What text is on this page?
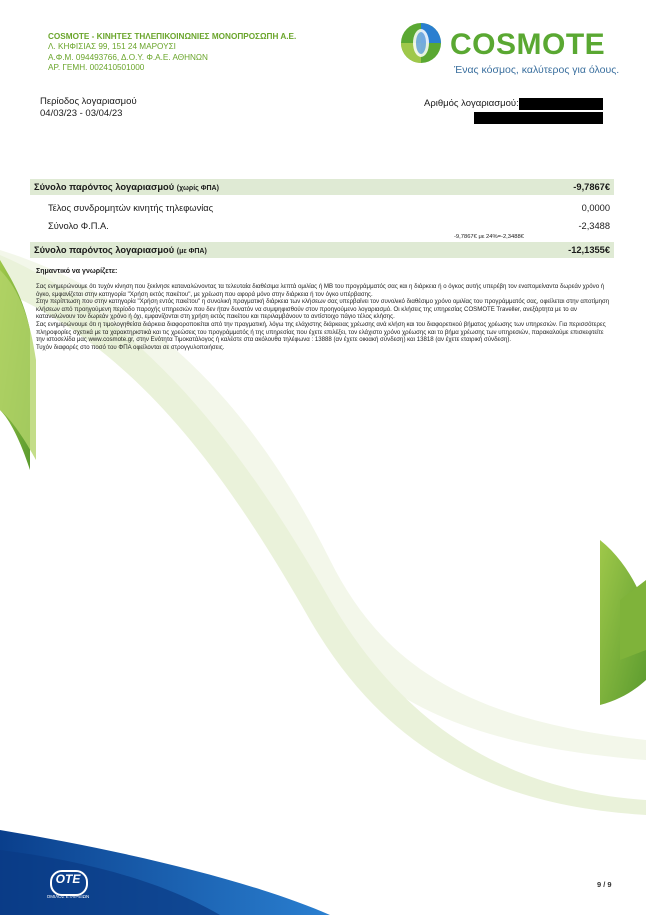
COSMOTE - ΚΙΝΗΤΕΣ ΤΗΛΕΠΙΚΟΙΝΩΝΙΕΣ ΜΟΝΟΠΡΟΣΩΠΗ Α.Ε.
Λ. ΚΗΦΙΣΙΑΣ 99, 151 24 ΜΑΡΟΥΣΙ
Α.Φ.Μ. 094493766, Δ.Ο.Υ. Φ.Α.Ε. ΑΘΗΝΩΝ
ΑΡ. ΓΕΜΗ. 002410501000
COSMOTE
Ένας κόσμος, καλύτερος για όλους.
Περίοδος λογαριασμού
04/03/23 - 03/04/23
Αριθμός λογαριασμού:
Σύνολο παρόντος λογαριασμού (χωρίς ΦΠΑ)	-9,7867€
Τέλος συνδρομητών κινητής τηλεφωνίας	0,0000
Σύνολο Φ.Π.Α.	-2,3488
-9,7867€ με 24%=-2,3488€
Σύνολο παρόντος λογαριασμού (με ΦΠΑ)	-12,1355€
Σημαντικό να γνωρίζετε:

Σας ενημερώνουμε ότι τυχόν κίνηση που ξεκίνησε καταναλώνοντας τα τελευταία διαθέσιμα λεπτά ομιλίας ή ΜΒ του προγράμματός σας και η διάρκεια ή ο όγκος αυτής υπερέβη τον εναπομείναντα δωρεάν χρόνο ή όγκο, εμφανίζεται στην κατηγορία "Χρήση εκτός πακέτου", με χρέωση που αφορά μόνο στην διάρκεια ή τον όγκο υπέρβασης.

Στην περίπτωση που στην κατηγορία "Χρήση εντός πακέτου" η συνολική πραγματική διάρκεια των κλήσεων σας υπερβαίνει τον συνολικό διαθέσιμο χρόνο ομιλίας του προγράμματός σας, οφείλεται στην αποτίμηση κλήσεων από προηγούμενη περίοδο παροχής υπηρεσιών που δεν ήταν δυνατόν να συμψηφισθούν στον προηγούμενο λογαριασμό. Οι κλήσεις της υπηρεσίας COSMOTE Traveller, ανεξάρτητα με το αν καταναλώνουν τον δωρεάν χρόνο ή όχι, εμφανίζονται στη χρήση εκτός πακέτου και περιλαμβάνουν το αντίστοιχο πάγιο τέλος κλήσης.

Σας ενημερώνουμε ότι η τιμολογηθείσα διάρκεια διαφοροποιείται από την πραγματική, λόγω της ελάχιστης διάρκειας χρέωσης ανά κλήση και του διαφορετικού βήματος χρέωσης των υπηρεσιών. Για περισσότερες πληροφορίες σχετικά με τα χαρακτηριστικά και τις χρεώσεις του προγράμματός ή της υπηρεσίας που έχετε επιλέξει, τον ελάχιστο χρόνο χρέωσης και το βήμα χρέωσης των υπηρεσιών, παρακαλούμε επισκεφτείτε την ιστοσελίδα μας www.cosmote.gr, στην Ενότητα Τιμοκατάλογος ή καλέστε στα ακόλουθα τηλέφωνα : 13888 (αν έχετε οικιακή σύνδεση) και 13818 (αν έχετε εταιρική σύνδεση).

Τυχόν διαφορές στο ποσό του ΦΠΑ οφείλονται σε στρογγυλοποιήσεις.

ΟΤΕ
ΟΜΙΛΟΣ ΕΤΑΙΡΕΙΩΝ
9 / 9
